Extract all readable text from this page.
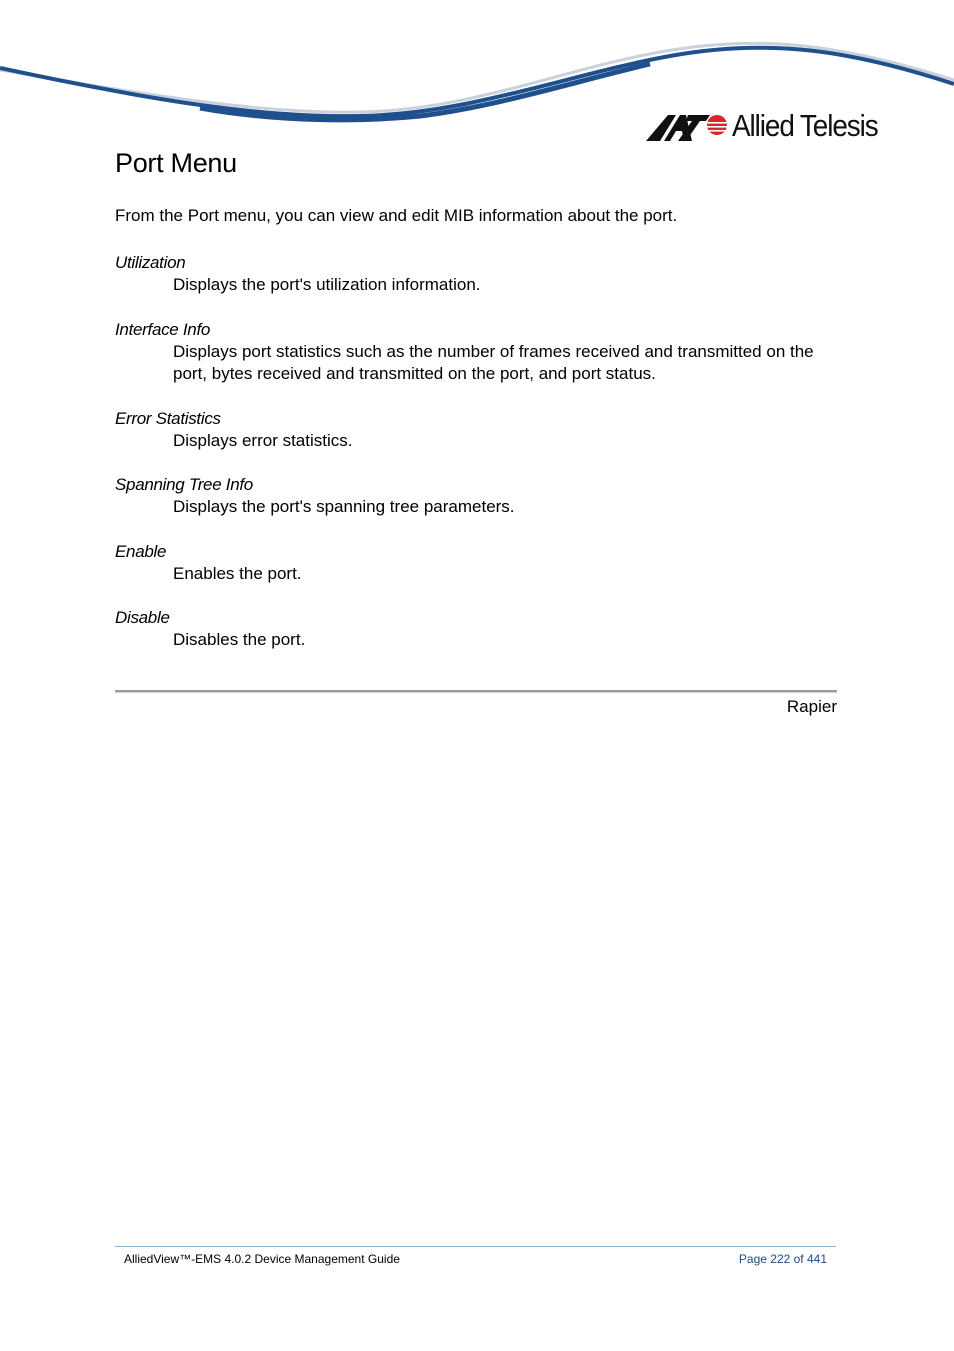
Allied Telesis
Port Menu

From the Port menu, you can view and edit MIB information about the port.

Utilization
Displays the port's utilization information.
Interface Info
Displays port statistics such as the number of frames received and transmitted on the port, bytes received and transmitted on the port, and port status.
Error Statistics
Displays error statistics.
Spanning Tree Info
Displays the port's spanning tree parameters.
Enable
Enables the port.
Disable
Disables the port.
Rapier
AlliedView™-EMS 4.0.2 Device Management Guide	Page 222 of 441
